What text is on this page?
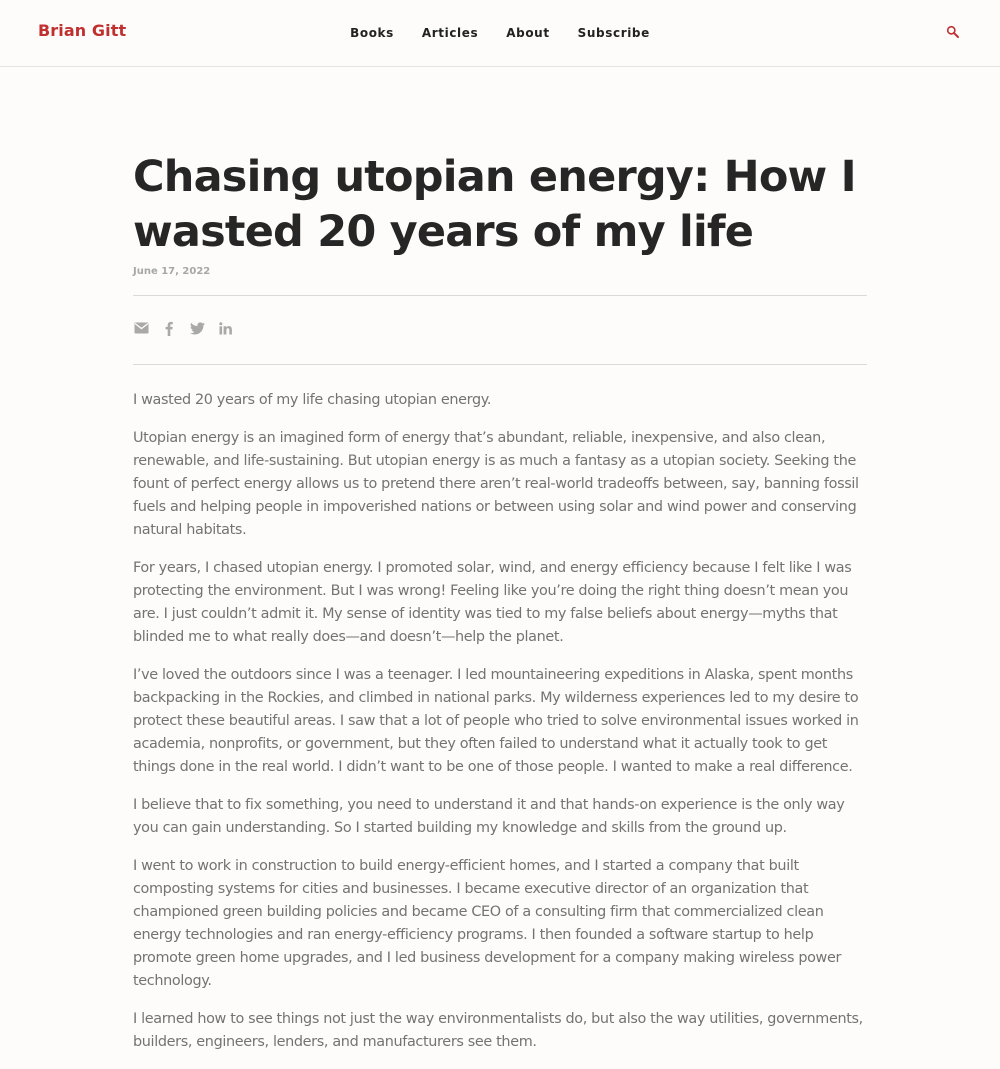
Brian Gitt	Books Articles About Subscribe
Chasing utopian energy: How I wasted 20 years of my life
June 17, 2022

I wasted 20 years of my life chasing utopian energy.

Utopian energy is an imagined form of energy that’s abundant, reliable, inexpensive, and also clean, renewable, and life-sustaining. But utopian energy is as much a fantasy as a utopian society. Seeking the fount of perfect energy allows us to pretend there aren’t real-world tradeoffs between, say, banning fossil fuels and helping people in impoverished nations or between using solar and wind power and conserving natural habitats.

For years, I chased utopian energy. I promoted solar, wind, and energy efficiency because I felt like I was protecting the environment. But I was wrong! Feeling like you’re doing the right thing doesn’t mean you are. I just couldn’t admit it. My sense of identity was tied to my false beliefs about energy—myths that blinded me to what really does—and doesn’t—help the planet.

I’ve loved the outdoors since I was a teenager. I led mountaineering expeditions in Alaska, spent months backpacking in the Rockies, and climbed in national parks. My wilderness experiences led to my desire to protect these beautiful areas. I saw that a lot of people who tried to solve environmental issues worked in academia, nonprofits, or government, but they often failed to understand what it actually took to get things done in the real world. I didn’t want to be one of those people. I wanted to make a real difference.

I believe that to fix something, you need to understand it and that hands-on experience is the only way you can gain understanding. So I started building my knowledge and skills from the ground up.

I went to work in construction to build energy-efficient homes, and I started a company that built composting systems for cities and businesses. I became executive director of an organization that championed green building policies and became CEO of a consulting firm that commercialized clean energy technologies and ran energy-efficiency programs. I then founded a software startup to help promote green home upgrades, and I led business development for a company making wireless power technology.

I learned how to see things not just the way environmentalists do, but also the way utilities, governments, builders, engineers, lenders, and manufacturers see them.
